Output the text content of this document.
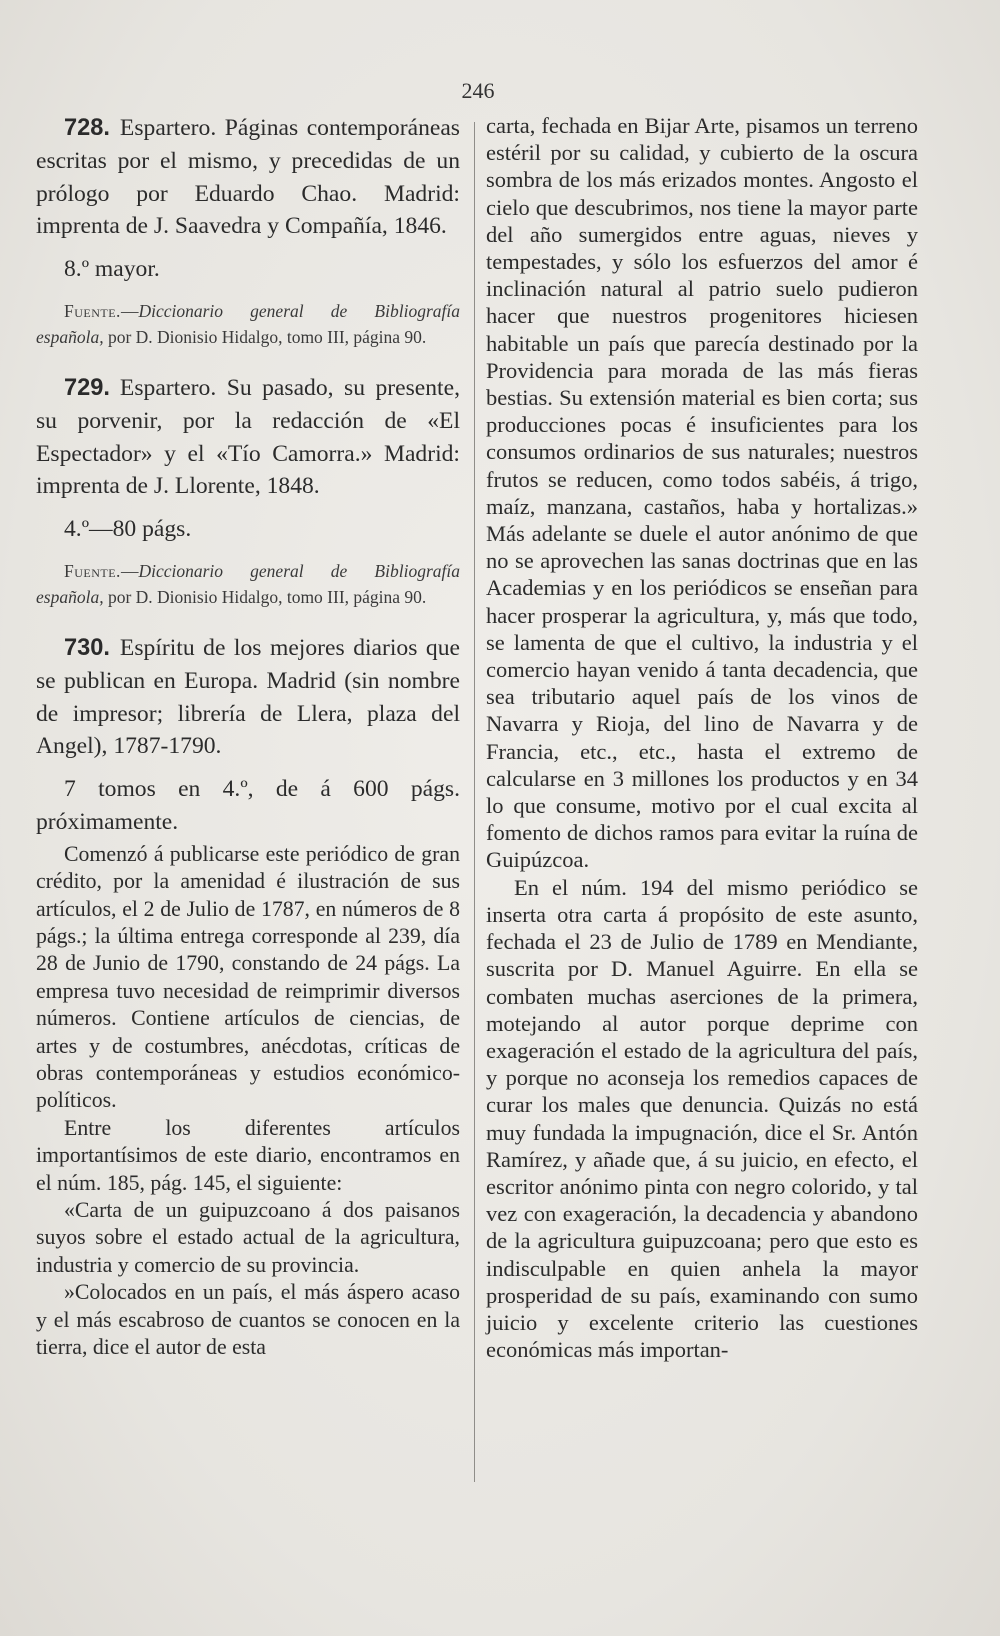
246

728. Espartero. Páginas contemporáneas escritas por el mismo, y precedidas de un prólogo por Eduardo Chao. Madrid: imprenta de J. Saavedra y Compañía, 1846.

8.º mayor.

Fuente.—Diccionario general de Bibliografía española, por D. Dionisio Hidalgo, tomo III, página 90.

729. Espartero. Su pasado, su presente, su porvenir, por la redacción de «El Espectador» y el «Tío Camorra.» Madrid: imprenta de J. Llorente, 1848.

4.º—80 págs.

Fuente.—Diccionario general de Bibliografía española, por D. Dionisio Hidalgo, tomo III, página 90.

730. Espíritu de los mejores diarios que se publican en Europa. Madrid (sin nombre de impresor; librería de Llera, plaza del Angel), 1787-1790.

7 tomos en 4.º, de á 600 págs. próximamente.

Comenzó á publicarse este periódico de gran crédito, por la amenidad é ilustración de sus artículos, el 2 de Julio de 1787, en números de 8 págs.; la última entrega corresponde al 239, día 28 de Junio de 1790, constando de 24 págs. La empresa tuvo necesidad de reimprimir diversos números. Contiene artículos de ciencias, de artes y de costumbres, anécdotas, críticas de obras contemporáneas y estudios económico-políticos.

Entre los diferentes artículos importantísimos de este diario, encontramos en el núm. 185, pág. 145, el siguiente:

«Carta de un guipuzcoano á dos paisanos suyos sobre el estado actual de la agricultura, industria y comercio de su provincia.

»Colocados en un país, el más áspero acaso y el más escabroso de cuantos se conocen en la tierra, dice el autor de esta

carta, fechada en Bijar Arte, pisamos un terreno estéril por su calidad, y cubierto de la oscura sombra de los más erizados montes. Angosto el cielo que descubrimos, nos tiene la mayor parte del año sumergidos entre aguas, nieves y tempestades, y sólo los esfuerzos del amor é inclinación natural al patrio suelo pudieron hacer que nuestros progenitores hiciesen habitable un país que parecía destinado por la Providencia para morada de las más fieras bestias. Su extensión material es bien corta; sus producciones pocas é insuficientes para los consumos ordinarios de sus naturales; nuestros frutos se reducen, como todos sabéis, á trigo, maíz, manzana, castaños, haba y hortalizas.» Más adelante se duele el autor anónimo de que no se aprovechen las sanas doctrinas que en las Academias y en los periódicos se enseñan para hacer prosperar la agricultura, y, más que todo, se lamenta de que el cultivo, la industria y el comercio hayan venido á tanta decadencia, que sea tributario aquel país de los vinos de Navarra y Rioja, del lino de Navarra y de Francia, etc., etc., hasta el extremo de calcularse en 3 millones los productos y en 34 lo que consume, motivo por el cual excita al fomento de dichos ramos para evitar la ruína de Guipúzcoa.

En el núm. 194 del mismo periódico se inserta otra carta á propósito de este asunto, fechada el 23 de Julio de 1789 en Mendiante, suscrita por D. Manuel Aguirre. En ella se combaten muchas aserciones de la primera, motejando al autor porque deprime con exageración el estado de la agricultura del país, y porque no aconseja los remedios capaces de curar los males que denuncia. Quizás no está muy fundada la impugnación, dice el Sr. Antón Ramírez, y añade que, á su juicio, en efecto, el escritor anónimo pinta con negro colorido, y tal vez con exageración, la decadencia y abandono de la agricultura guipuzcoana; pero que esto es indisculpable en quien anhela la mayor prosperidad de su país, examinando con sumo juicio y excelente criterio las cuestiones económicas más importan-
